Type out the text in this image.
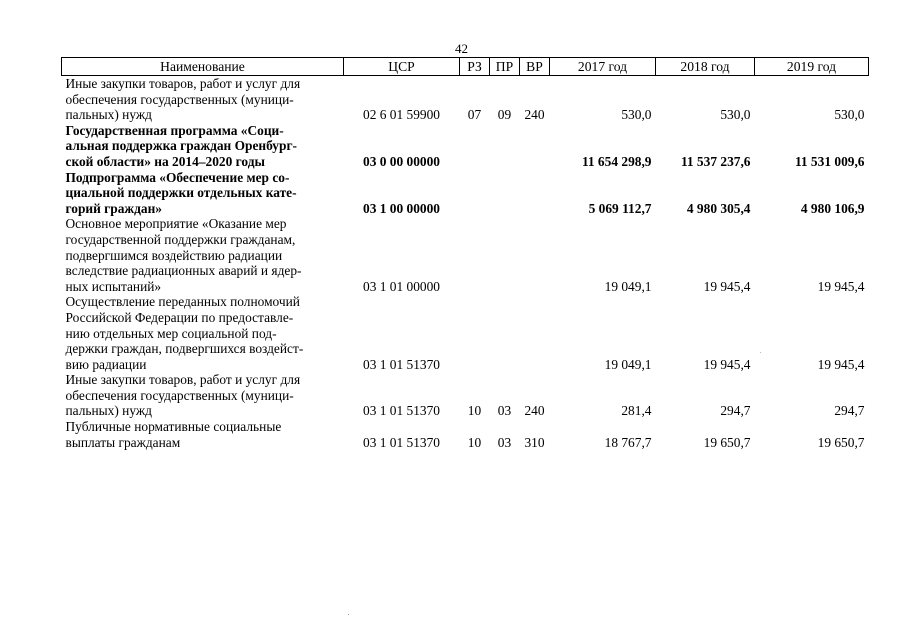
42
Наименование	ЦСР	РЗ	ПР	ВР	2017 год	2018 год	2019 год

Иные закупки товаров, работ и услуг для
обеспечения государственных (муници-
пальных) нужд	02 6 01 59900	07	09	240	530,0	530,0	530,0

Государственная программа «Соци-
альная поддержка граждан Оренбург-
ской области» на 2014–2020 годы	03 0 00 00000				11 654 298,9	11 537 237,6	11 531 009,6

Подпрограмма «Обеспечение мер со-
циальной поддержки отдельных кате-
горий граждан»	03 1 00 00000				5 069 112,7	4 980 305,4	4 980 106,9

Основное мероприятие «Оказание мер
государственной поддержки гражданам,
подвергшимся воздействию радиации
вследствие радиационных аварий и ядер-
ных испытаний»	03 1 01 00000				19 049,1	19 945,4	19 945,4

Осуществление переданных полномочий
Российской Федерации по предоставле-
нию отдельных мер социальной под-
держки граждан, подвергшихся воздейст-
вию радиации	03 1 01 51370				19 049,1	19 945,4	19 945,4

Иные закупки товаров, работ и услуг для
обеспечения государственных (муници-
пальных) нужд	03 1 01 51370	10	03	240	281,4	294,7	294,7

Публичные нормативные социальные
выплаты гражданам	03 1 01 51370	10	03	310	18 767,7	19 650,7	19 650,7
